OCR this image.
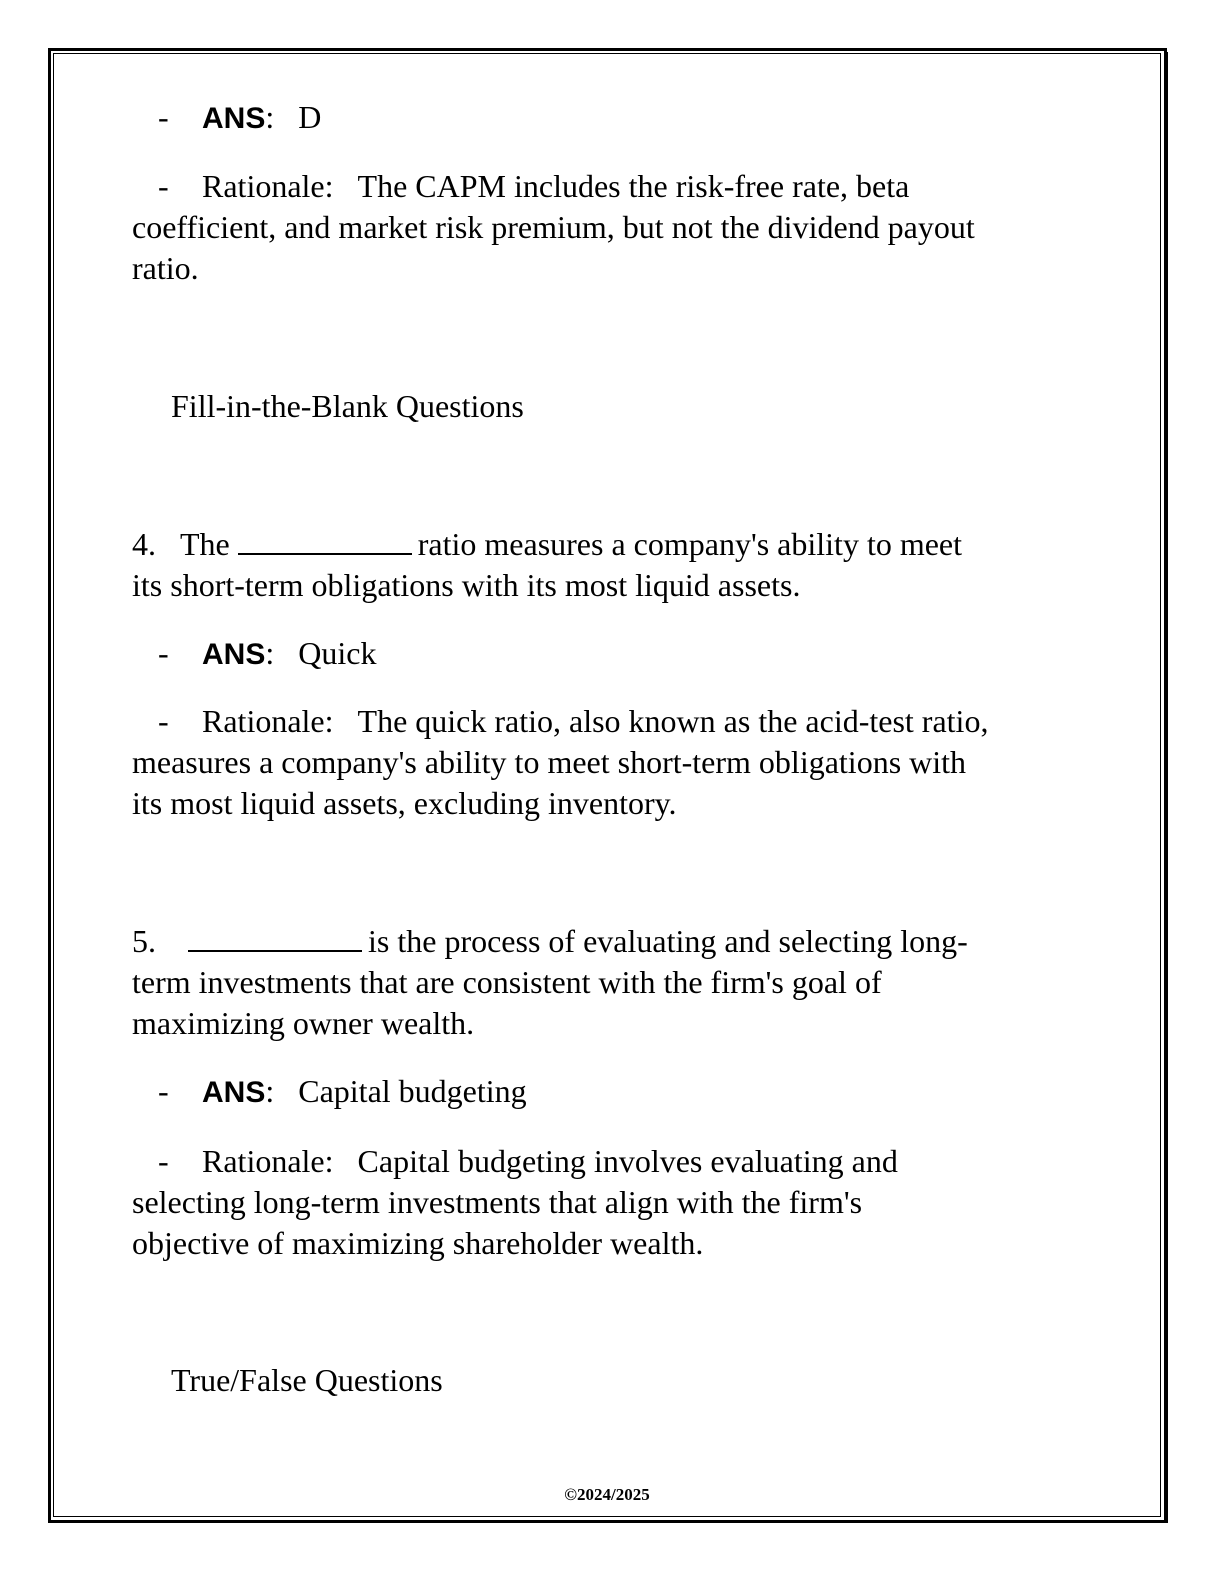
- ANS: D
- Rationale: The CAPM includes the risk-free rate, beta
coefficient, and market risk premium, but not the dividend payout
ratio.
Fill-in-the-Blank Questions
4. The	ratio measures a company's ability to meet
its short-term obligations with its most liquid assets.
- ANS: Quick
- Rationale: The quick ratio, also known as the acid-test ratio,
measures a company's ability to meet short-term obligations with
its most liquid assets, excluding inventory.
5.	is the process of evaluating and selecting long-
term investments that are consistent with the firm's goal of
maximizing owner wealth.
- ANS: Capital budgeting
- Rationale: Capital budgeting involves evaluating and
selecting long-term investments that align with the firm's
objective of maximizing shareholder wealth.
True/False Questions
©2024/2025
